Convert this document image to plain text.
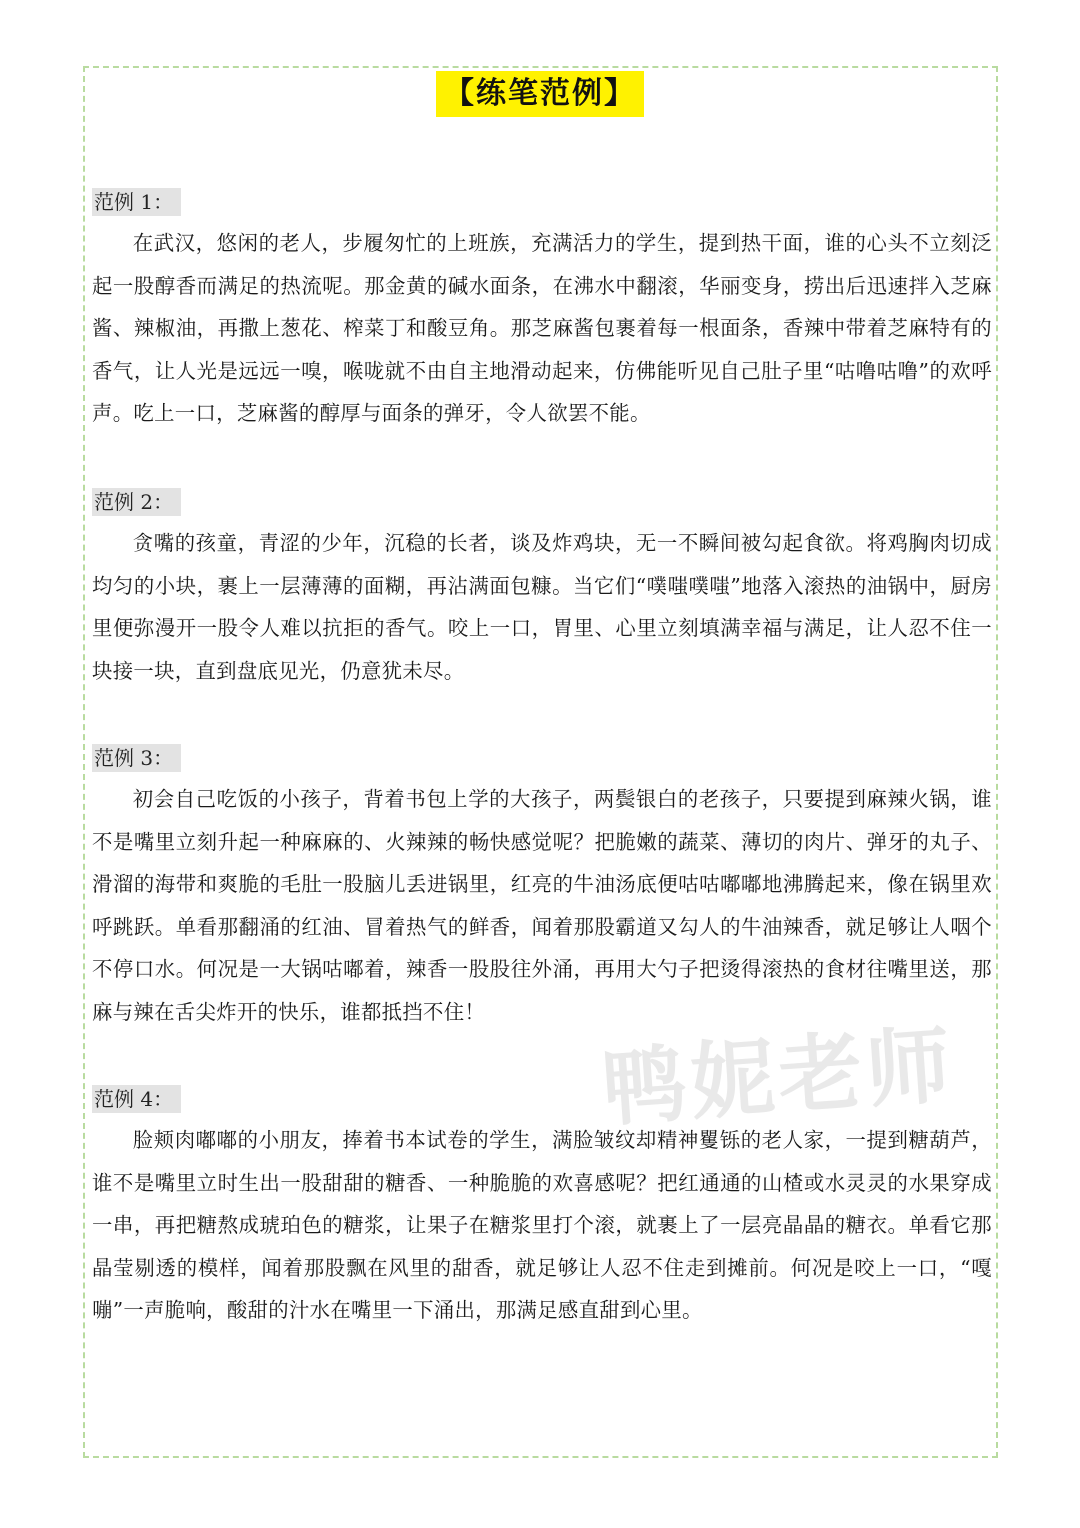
鸭妮老师
【练笔范例】
范例 1：

在武汉，悠闲的老人，步履匆忙的上班族，充满活力的学生，提到热干面，谁的心头不立刻泛起一股醇香而满足的热流呢。那金黄的碱水面条，在沸水中翻滚，华丽变身，捞出后迅速拌入芝麻酱、辣椒油，再撒上葱花、榨菜丁和酸豆角。那芝麻酱包裹着每一根面条，香辣中带着芝麻特有的香气，让人光是远远一嗅，喉咙就不由自主地滑动起来，仿佛能听见自己肚子里“咕噜咕噜”的欢呼声。吃上一口，芝麻酱的醇厚与面条的弹牙，令人欲罢不能。

范例 2：

贪嘴的孩童，青涩的少年，沉稳的长者，谈及炸鸡块，无一不瞬间被勾起食欲。将鸡胸肉切成均匀的小块，裹上一层薄薄的面糊，再沾满面包糠。当它们“噗嗤噗嗤”地落入滚热的油锅中，厨房里便弥漫开一股令人难以抗拒的香气。咬上一口，胃里、心里立刻填满幸福与满足，让人忍不住一块接一块，直到盘底见光，仍意犹未尽。

范例 3：

初会自己吃饭的小孩子，背着书包上学的大孩子，两鬓银白的老孩子，只要提到麻辣火锅，谁不是嘴里立刻升起一种麻麻的、火辣辣的畅快感觉呢？把脆嫩的蔬菜、薄切的肉片、弹牙的丸子、滑溜的海带和爽脆的毛肚一股脑儿丢进锅里，红亮的牛油汤底便咕咕嘟嘟地沸腾起来，像在锅里欢呼跳跃。单看那翻涌的红油、冒着热气的鲜香，闻着那股霸道又勾人的牛油辣香，就足够让人咽个不停口水。何况是一大锅咕嘟着，辣香一股股往外涌，再用大勺子把烫得滚热的食材往嘴里送，那麻与辣在舌尖炸开的快乐，谁都抵挡不住！

范例 4：

脸颊肉嘟嘟的小朋友，捧着书本试卷的学生，满脸皱纹却精神矍铄的老人家，一提到糖葫芦，谁不是嘴里立时生出一股甜甜的糖香、一种脆脆的欢喜感呢？把红通通的山楂或水灵灵的水果穿成一串，再把糖熬成琥珀色的糖浆，让果子在糖浆里打个滚，就裹上了一层亮晶晶的糖衣。单看它那晶莹剔透的模样，闻着那股飘在风里的甜香，就足够让人忍不住走到摊前。何况是咬上一口，“嘎嘣”一声脆响，酸甜的汁水在嘴里一下涌出，那满足感直甜到心里。
